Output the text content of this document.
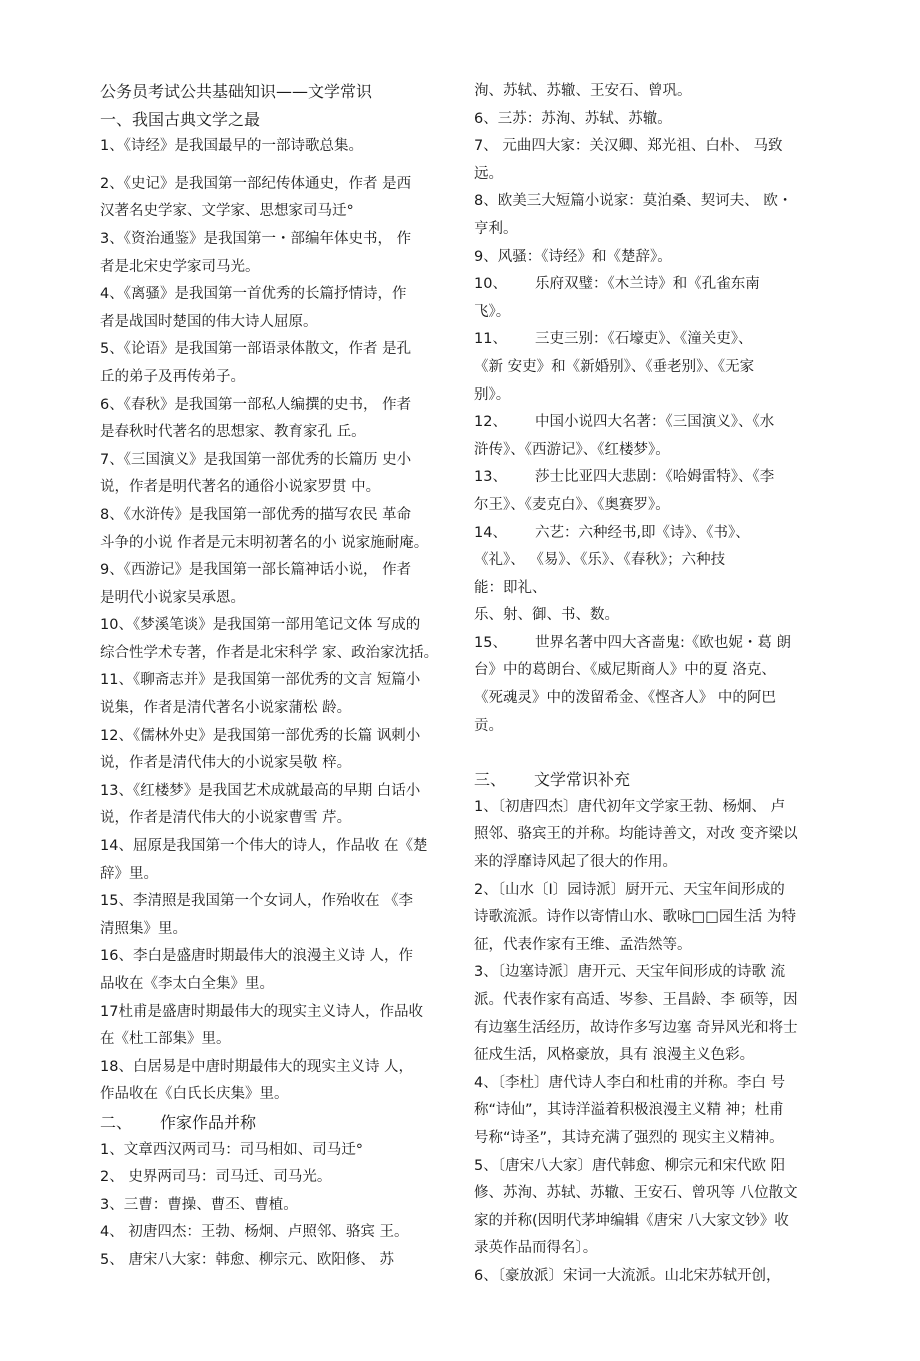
公务员考试公共基础知识——文学常识

一、我国古典文学之最

1、《诗经》是我国最早的一部诗歌总集。

2、《史记》是我国第一部纪传体通史，作者 是西

汉著名史学家、文学家、思想家司马迁°

3、《资治通鉴》是我国第一・部编年体史书， 作

者是北宋史学家司马光。

4、《离骚》是我国第一首优秀的长篇抒情诗，作

者是战国时楚国的伟大诗人屈原。

5、《论语》是我国第一部语录体散文，作者 是孔

丘的弟子及再传弟子。

6、《春秋》是我国第一部私人编撰的史书， 作者

是春秋时代著名的思想家、教育家孔 丘。

7、《三国演义》是我国第一部优秀的长篇历 史小

说，作者是明代著名的通俗小说家罗贯 中。

8、《水浒传》是我国第一部优秀的描写农民 革命

斗争的小说 作者是元末明初著名的小 说家施耐庵。

9、《西游记》是我国第一部长篇神话小说， 作者

是明代小说家吴承恩。

10、《梦溪笔谈》是我国第一部用笔记文体 写成的

综合性学术专著，作者是北宋科学 家、政治家沈括。

11、《聊斋志并》是我国第一部优秀的文言 短篇小

说集，作者是清代著名小说家蒲松 龄。

12、《儒林外史》是我国第一部优秀的长篇 讽刺小

说，作者是清代伟大的小说家吴敬 梓。

13、《红楼梦》是我国艺术成就最高的早期 白话小

说，作者是清代伟大的小说家曹雪 芹。

14、屈原是我国第一个伟大的诗人，作品收 在《楚

辞》里。

15、李清照是我国第一个女词人，作殆收在 《李

清照集》里。

16、李白是盛唐时期最伟大的浪漫主义诗 人，作

品收在《李太白全集》里。

17杜甫是盛唐时期最伟大的现实主义诗人，作品收

在《杜工部集》里。

18、白居易是中唐时期最伟大的现实主义诗 人，

作品收在《白氏长庆集》里。

二、 作家作品并称

1、文章西汉两司马：司马相如、司马迁°

2、 史界两司马：司马迁、司马光。

3、三曹：曹操、曹丕、曹植。

4、 初唐四杰：王勃、杨炯、卢照邻、骆宾 王。

5、 唐宋八大家：韩愈、柳宗元、欧阳修、 苏

洵、苏轼、苏辙、王安石、曾巩。

6、三苏：苏洵、苏轼、苏辙。

7、 元曲四大家：关汉卿、郑光祖、白朴、 马致

远。

8、欧美三大短篇小说家：莫泊桑、契诃夫、 欧・

亨利。

9、风骚：《诗经》和《楚辞》。

10、 乐府双璧：《木兰诗》和《孔雀东南

飞》。

11、 三吏三别：《石壕吏》、《潼关吏》、

《新 安吏》和《新婚别》、《垂老别》、《无家

别》。

12、 中国小说四大名著：《三国演义》、《水

浒传》、《西游记》、《红楼梦》。

13、 莎士比亚四大悲剧：《哈姆雷特》、《李

尔王》、《麦克白》、《奥赛罗》。

14、 六艺：六种经书,即《诗》、《书》、

《礼》、 《易》、《乐》、《春秋》；六种技

能：即礼、

乐、射、御、书、数。

15、 世界名著中四大吝啬鬼:《欧也妮・葛 朗

台》中的葛朗台、《威尼斯商人》中的夏 洛克、

《死魂灵》中的泼留希金、《悭吝人》 中的阿巴

贡。

三、 文学常识补充

1、〔初唐四杰〕唐代初年文学家王勃、杨炯、 卢

照邻、骆宾王的并称。均能诗善文，对改 变齐梁以

来的浮靡诗风起了很大的作用。

2、〔山水〔I〕园诗派〕厨开元、天宝年间形成的

诗歌流派。诗作以寄情山水、歌咏□□园生活 为特

征，代表作家有王维、孟浩然等。

3、〔边塞诗派〕唐开元、天宝年间形成的诗歌 流

派。代表作家有高适、岑参、王昌龄、李 硕等，因

有边塞生活经历，故诗作多写边塞 奇异风光和将士

征戍生活，风格豪放，具有 浪漫主义色彩。

4、〔李杜〕唐代诗人李白和杜甫的并称。李白 号

称“诗仙”，其诗洋溢着积极浪漫主义精 神；杜甫

号称“诗圣”，其诗充满了强烈的 现实主义精神。

5、〔唐宋八大家〕唐代韩愈、柳宗元和宋代欧 阳

修、苏洵、苏轼、苏辙、王安石、曾巩等 八位散文

家的并称(因明代茅坤编辑《唐宋 八大家文钞》收

录英作品而得名〕。

6、〔豪放派〕宋词一大流派。山北宋苏轼开创，
